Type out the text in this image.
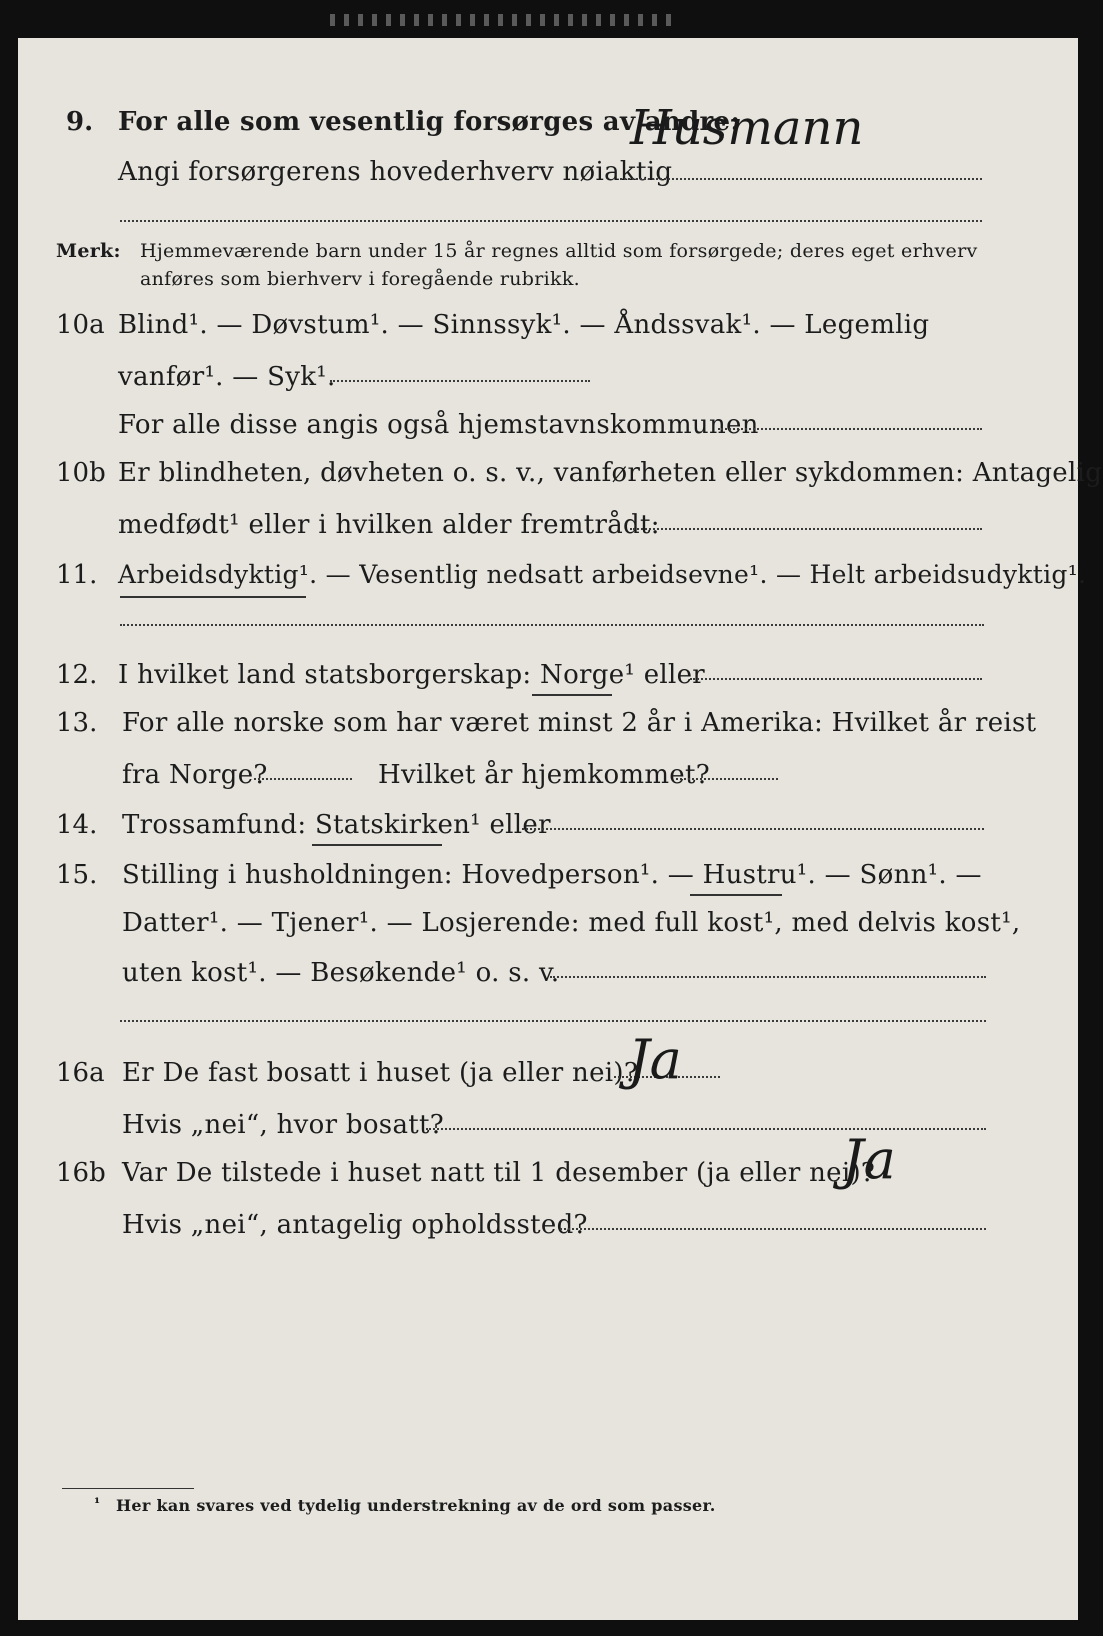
9. For alle som vesentlig forsørges av andre:
Angi forsørgerens hovederhverv nøiaktig
Husmann
Merk: Hjemmeværende barn under 15 år regnes alltid som forsørgede; deres eget erhverv
anføres som bierhverv i foregående rubrikk.
10a Blind¹. — Døvstum¹. — Sinnssyk¹. — Åndssvak¹. — Legemlig
vanfør¹. — Syk¹.
For alle disse angis også hjemstavnskommunen
10b Er blindheten, døvheten o. s. v., vanførheten eller sykdommen: Antagelig
medfødt¹ eller i hvilken alder fremtrådt:
11. Arbeidsdyktig¹. — Vesentlig nedsatt arbeidsevne¹. — Helt arbeidsudyktig¹.
12. I hvilket land statsborgerskap: Norge¹ eller
13. For alle norske som har været minst 2 år i Amerika: Hvilket år reist
fra Norge?	Hvilket år hjemkommet?
14. Trossamfund: Statskirken¹ eller
15. Stilling i husholdningen: Hovedperson¹. — Hustru¹. — Sønn¹. —
Datter¹. — Tjener¹. — Losjerende: med full kost¹, med delvis kost¹,
uten kost¹. — Besøkende¹ o. s. v.
16a Er De fast bosatt i huset (ja eller nei)?
Ja
Hvis „nei“, hvor bosatt?
16b Var De tilstede i huset natt til 1 desember (ja eller nei)?
Ja
Hvis „nei“, antagelig opholdssted?
¹ Her kan svares ved tydelig understrekning av de ord som passer.
